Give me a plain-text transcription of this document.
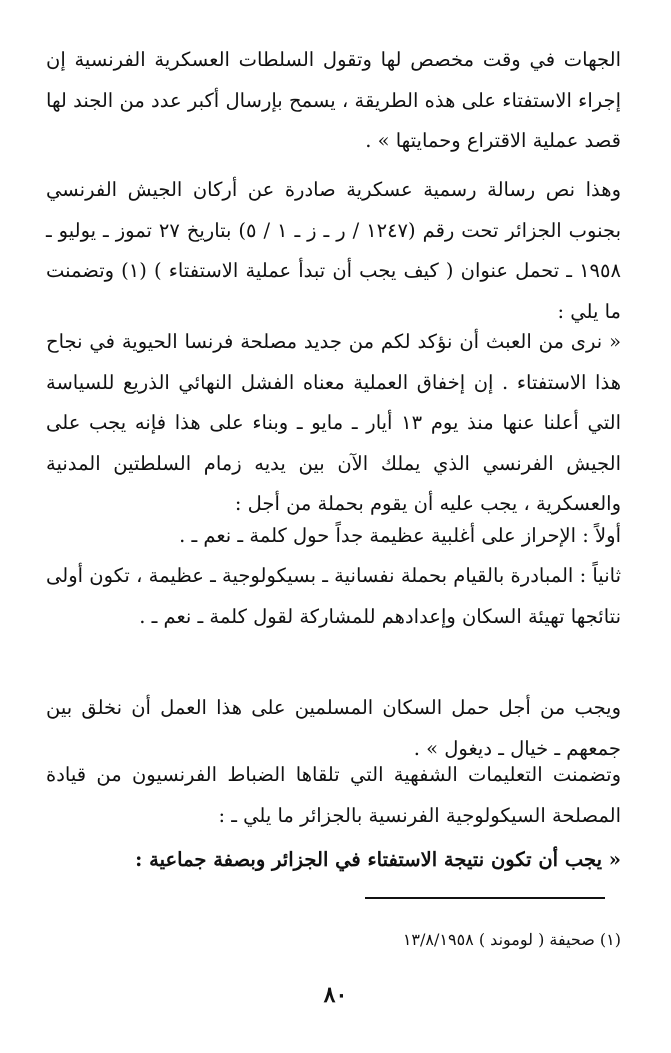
الجهات في وقت مخصص لها وتقول السلطات العسكرية الفرنسية إن إجراء الاستفتاء على هذه الطريقة ، يسمح بإرسال أكبر عدد من الجند لها قصد عملية الاقتراع وحمايتها » .

وهذا نص رسالة رسمية عسكرية صادرة عن أركان الجيش الفرنسي بجنوب الجزائر تحت رقم (١٢٤٧ / ر ـ ز ـ ١ / ٥) بتاريخ ٢٧ تموز ـ يوليو ـ ١٩٥٨ ـ تحمل عنوان ( كيف يجب أن تبدأ عملية الاستفتاء ) (١) وتضمنت ما يلي :

« نرى من العبث أن نؤكد لكم من جديد مصلحة فرنسا الحيوية في نجاح هذا الاستفتاء . إن إخفاق العملية معناه الفشل النهائي الذريع للسياسة التي أعلنا عنها منذ يوم ١٣ أيار ـ مايو ـ وبناء على هذا فإنه يجب على الجيش الفرنسي الذي يملك الآن بين يديه زمام السلطتين المدنية والعسكرية ، يجب عليه أن يقوم بحملة من أجل :

أولاً : الإحراز على أغلبية عظيمة جداً حول كلمة ـ نعم ـ .

ثانياً : المبادرة بالقيام بحملة نفسانية ـ بسيكولوجية ـ عظيمة ، تكون أولى نتائجها تهيئة السكان وإعدادهم للمشاركة لقول كلمة ـ نعم ـ .

ويجب من أجل حمل السكان المسلمين على هذا العمل أن نخلق بين جمعهم ـ خيال ـ ديغول » .

وتضمنت التعليمات الشفهية التي تلقاها الضباط الفرنسيون من قيادة المصلحة السيكولوجية الفرنسية بالجزائر ما يلي ـ :

« يجب أن تكون نتيجة الاستفتاء في الجزائر وبصفة جماعية :

(١) صحيفة ( لوموند ) ١٣/٨/١٩٥٨
٨٠
